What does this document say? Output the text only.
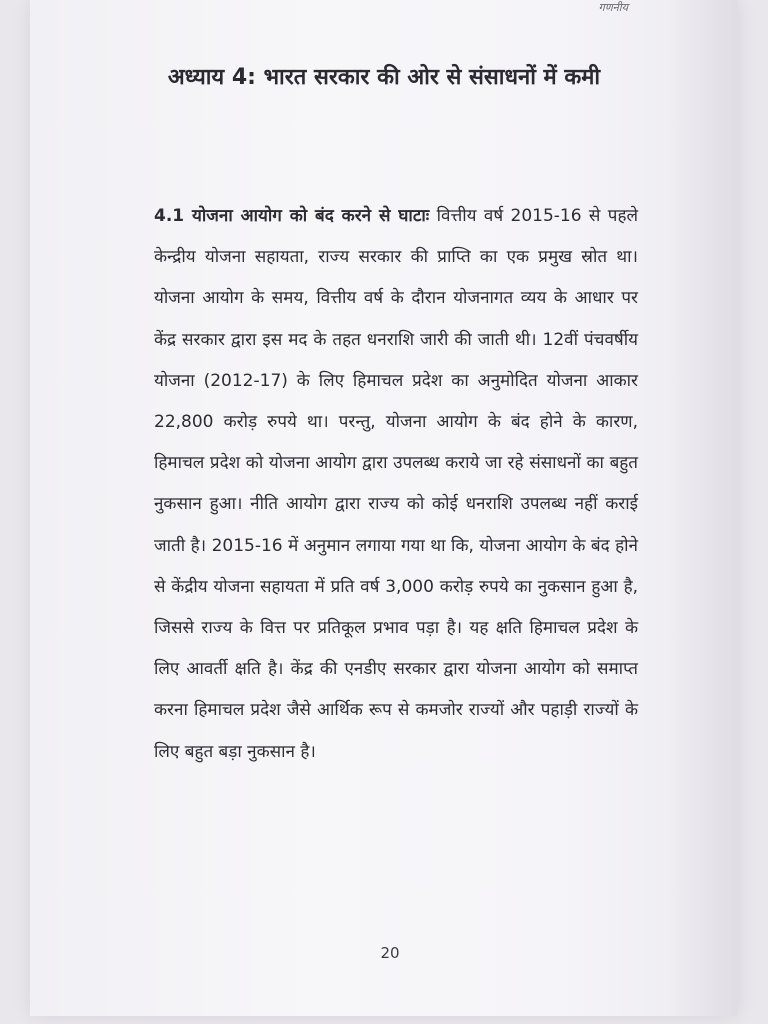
गणनीय
अध्याय 4: भारत सरकार की ओर से संसाधनों में कमी

4.1 योजना आयोग को बंद करने से घाटाः वित्तीय वर्ष 2015-16 से पहले केन्द्रीय योजना सहायता, राज्य सरकार की प्राप्ति का एक प्रमुख स्रोत था। योजना आयोग के समय, वित्तीय वर्ष के दौरान योजनागत व्यय के आधार पर केंद्र सरकार द्वारा इस मद के तहत धनराशि जारी की जाती थी। 12वीं पंचवर्षीय योजना (2012-17) के लिए हिमाचल प्रदेश का अनुमोदित योजना आकार 22,800 करोड़ रुपये था। परन्तु, योजना आयोग के बंद होने के कारण, हिमाचल प्रदेश को योजना आयोग द्वारा उपलब्ध कराये जा रहे संसाधनों का बहुत नुकसान हुआ। नीति आयोग द्वारा राज्य को कोई धनराशि उपलब्ध नहीं कराई जाती है। 2015-16 में अनुमान लगाया गया था कि, योजना आयोग के बंद होने से केंद्रीय योजना सहायता में प्रति वर्ष 3,000 करोड़ रुपये का नुकसान हुआ है, जिससे राज्य के वित्त पर प्रतिकूल प्रभाव पड़ा है। यह क्षति हिमाचल प्रदेश के लिए आवर्ती क्षति है। केंद्र की एनडीए सरकार द्वारा योजना आयोग को समाप्त करना हिमाचल प्रदेश जैसे आर्थिक रूप से कमजोर राज्यों और पहाड़ी राज्यों के लिए बहुत बड़ा नुकसान है।

20
